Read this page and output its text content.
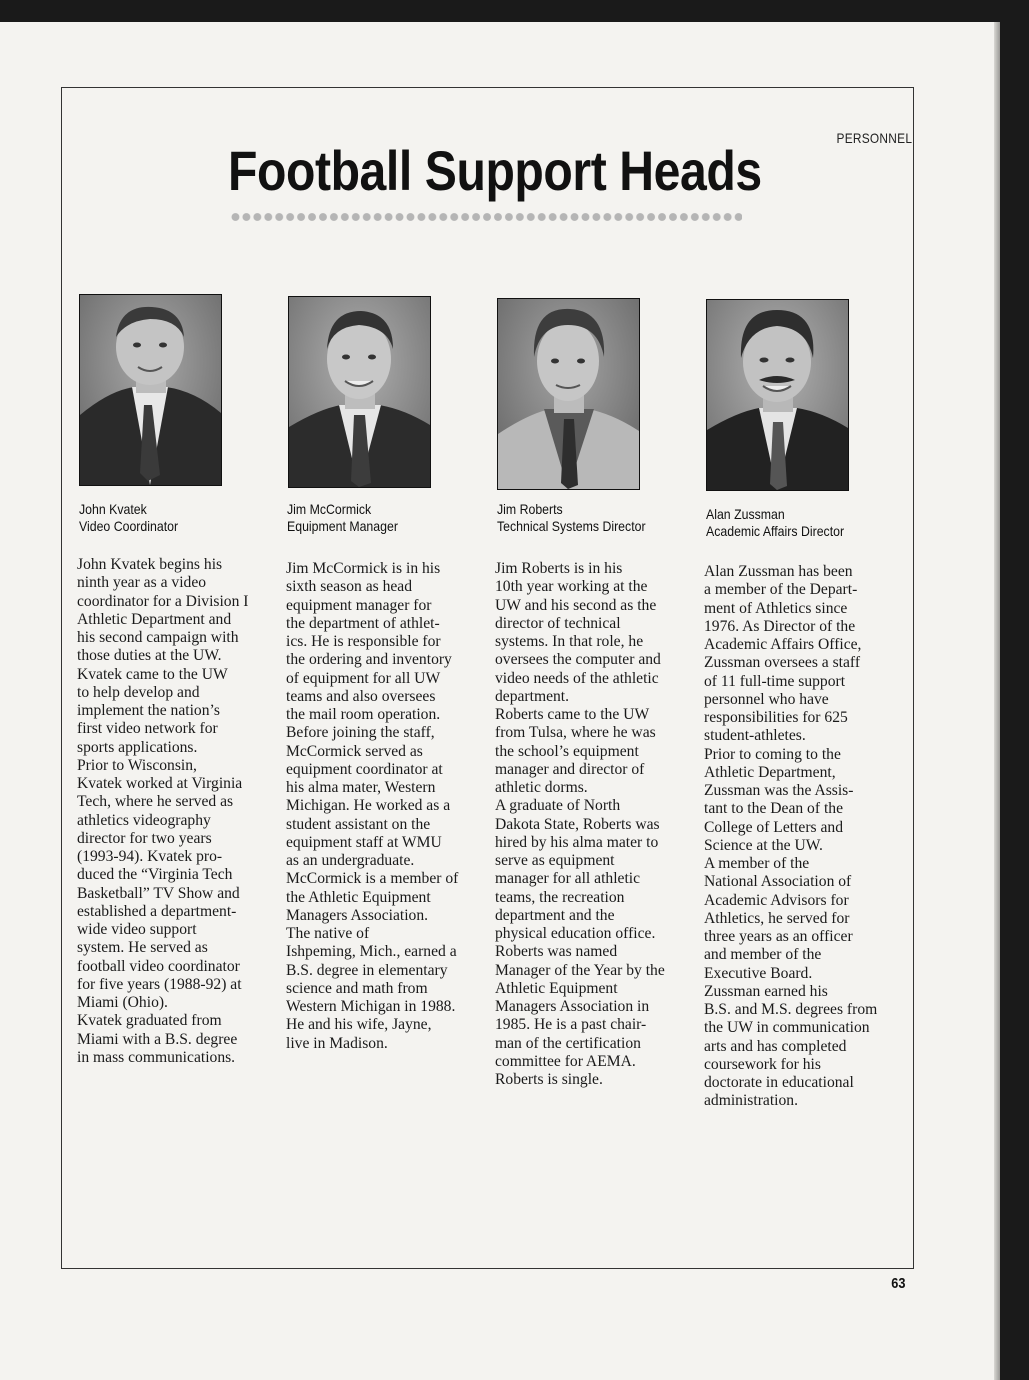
PERSONNEL
Football Support Heads
John Kvatek
Video Coordinator
John Kvatek begins his
ninth year as a video
coordinator for a Division I
Athletic Department and
his second campaign with
those duties at the UW.
Kvatek came to the UW
to help develop and
implement the nation’s
first video network for
sports applications.
Prior to Wisconsin,
Kvatek worked at Virginia
Tech, where he served as
athletics videography
director for two years
(1993-94). Kvatek pro-
duced the “Virginia Tech
Basketball” TV Show and
established a department-
wide video support
system. He served as
football video coordinator
for five years (1988-92) at
Miami (Ohio).
Kvatek graduated from
Miami with a B.S. degree
in mass communications.
Jim McCormick
Equipment Manager
Jim McCormick is in his
sixth season as head
equipment manager for
the department of athlet-
ics. He is responsible for
the ordering and inventory
of equipment for all UW
teams and also oversees
the mail room operation.
Before joining the staff,
McCormick served as
equipment coordinator at
his alma mater, Western
Michigan. He worked as a
student assistant on the
equipment staff at WMU
as an undergraduate.
McCormick is a member of
the Athletic Equipment
Managers Association.
The native of
Ishpeming, Mich., earned a
B.S. degree in elementary
science and math from
Western Michigan in 1988.
He and his wife, Jayne,
live in Madison.
Jim Roberts
Technical Systems Director
Jim Roberts is in his
10th year working at the
UW and his second as the
director of technical
systems. In that role, he
oversees the computer and
video needs of the athletic
department.
Roberts came to the UW
from Tulsa, where he was
the school’s equipment
manager and director of
athletic dorms.
A graduate of North
Dakota State, Roberts was
hired by his alma mater to
serve as equipment
manager for all athletic
teams, the recreation
department and the
physical education office.
Roberts was named
Manager of the Year by the
Athletic Equipment
Managers Association in
1985. He is a past chair-
man of the certification
committee for AEMA.
Roberts is single.
Alan Zussman
Academic Affairs Director
Alan Zussman has been
a member of the Depart-
ment of Athletics since
1976. As Director of the
Academic Affairs Office,
Zussman oversees a staff
of 11 full-time support
personnel who have
responsibilities for 625
student-athletes.
Prior to coming to the
Athletic Department,
Zussman was the Assis-
tant to the Dean of the
College of Letters and
Science at the UW.
A member of the
National Association of
Academic Advisors for
Athletics, he served for
three years as an officer
and member of the
Executive Board.
Zussman earned his
B.S. and M.S. degrees from
the UW in communication
arts and has completed
coursework for his
doctorate in educational
administration.
63
